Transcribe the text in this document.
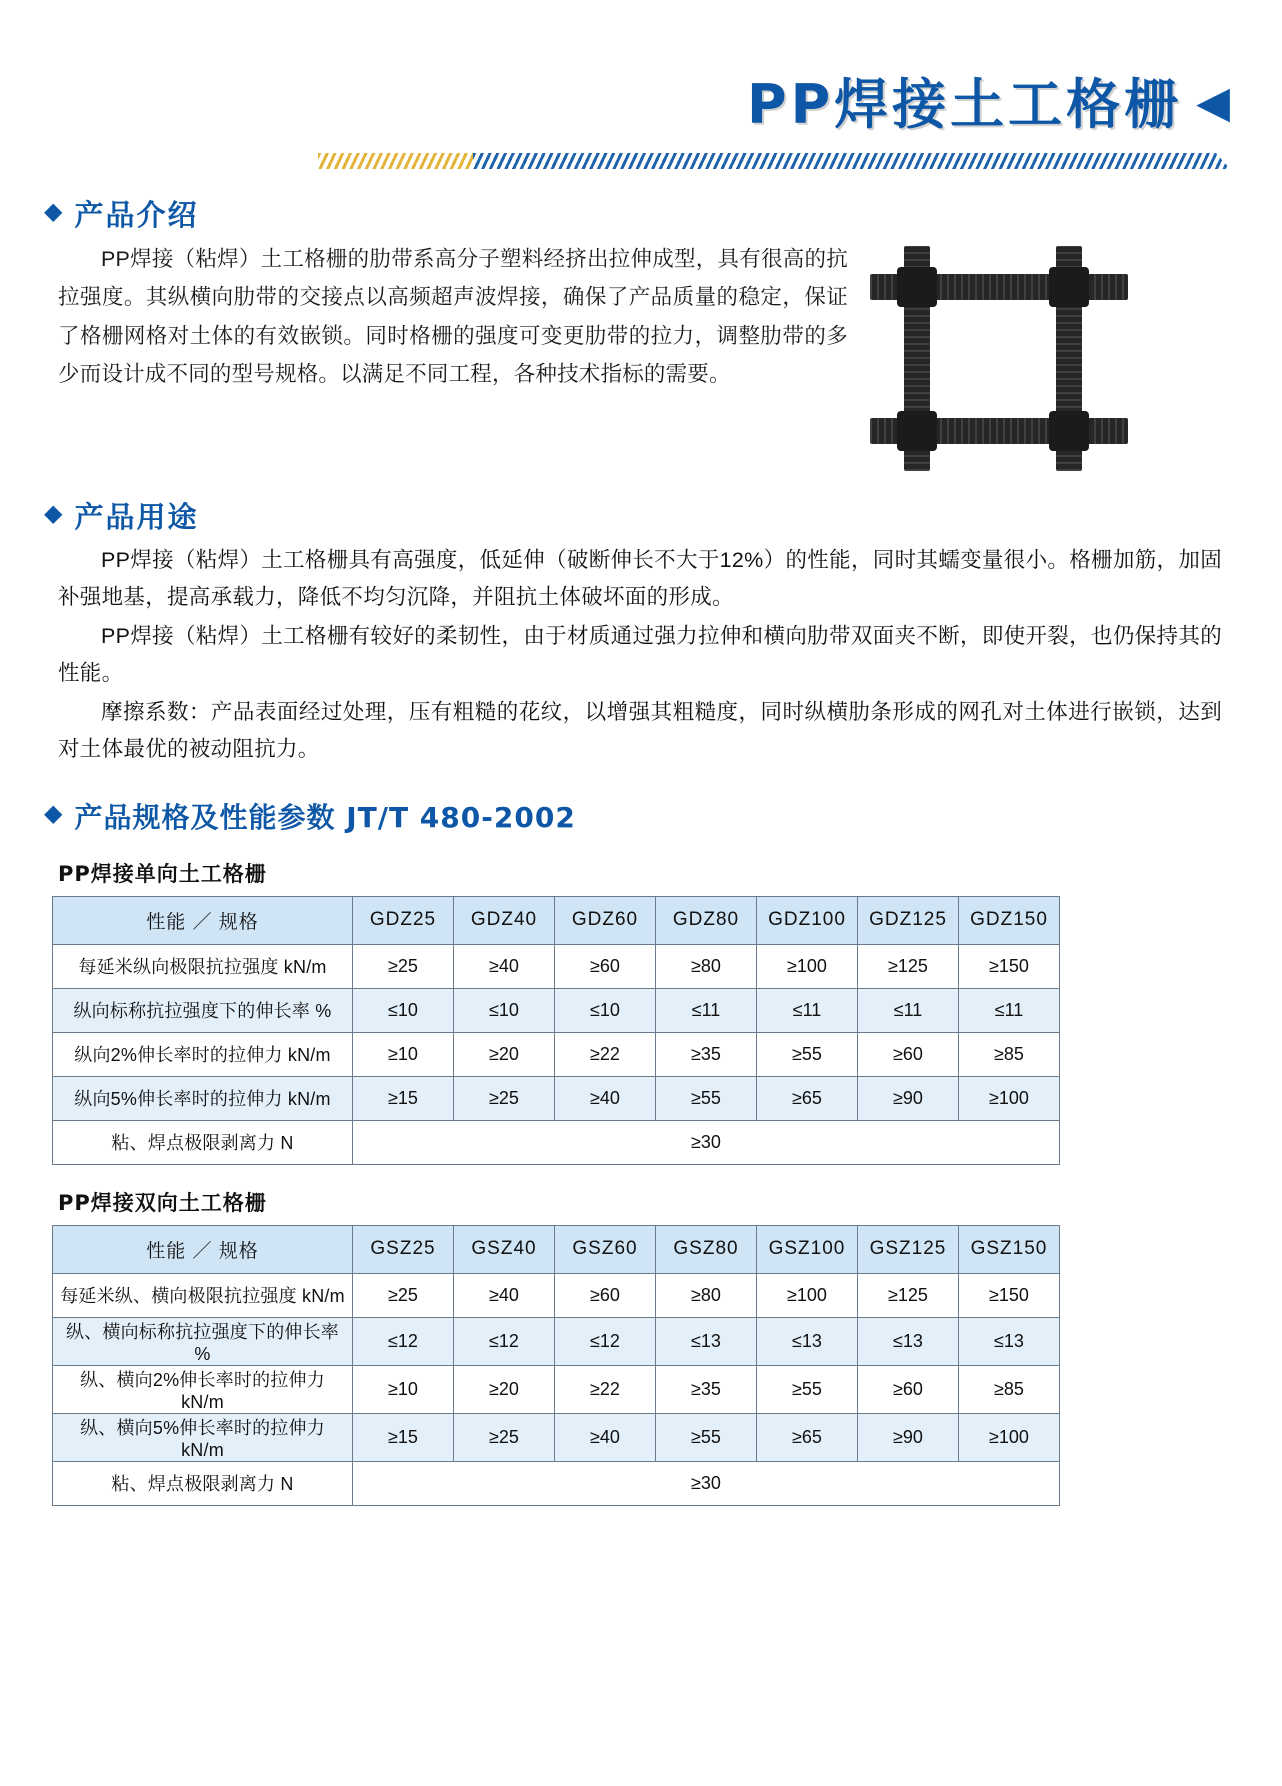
PP焊接土工格栅 ◀
◆ 产品介绍

PP焊接（粘焊）土工格栅的肋带系高分子塑料经挤出拉伸成型，具有很高的抗拉强度。其纵横向肋带的交接点以高频超声波焊接，确保了产品质量的稳定，保证了格栅网格对土体的有效嵌锁。同时格栅的强度可变更肋带的拉力，调整肋带的多少而设计成不同的型号规格。以满足不同工程，各种技术指标的需要。

◆ 产品用途

PP焊接（粘焊）土工格栅具有高强度，低延伸（破断伸长不大于12%）的性能，同时其蠕变量很小。格栅加筋，加固补强地基，提高承载力，降低不均匀沉降，并阻抗土体破坏面的形成。

PP焊接（粘焊）土工格栅有较好的柔韧性，由于材质通过强力拉伸和横向肋带双面夹不断，即使开裂，也仍保持其的性能。

摩擦系数：产品表面经过处理，压有粗糙的花纹，以增强其粗糙度，同时纵横肋条形成的网孔对土体进行嵌锁，达到对土体最优的被动阻抗力。

◆ 产品规格及性能参数 JT/T 480-2002
PP焊接单向土工格栅
性能 ／ 规格	GDZ25	GDZ40	GDZ60	GDZ80	GDZ100	GDZ125	GDZ150
每延米纵向极限抗拉强度 kN/m	≥25	≥40	≥60	≥80	≥100	≥125	≥150
纵向标称抗拉强度下的伸长率 %	≤10	≤10	≤10	≤11	≤11	≤11	≤11
纵向2%伸长率时的拉伸力 kN/m	≥10	≥20	≥22	≥35	≥55	≥60	≥85
纵向5%伸长率时的拉伸力 kN/m	≥15	≥25	≥40	≥55	≥65	≥90	≥100
粘、焊点极限剥离力 N	≥30						
PP焊接双向土工格栅
性能 ／ 规格	GSZ25	GSZ40	GSZ60	GSZ80	GSZ100	GSZ125	GSZ150
每延米纵、横向极限抗拉强度 kN/m	≥25	≥40	≥60	≥80	≥100	≥125	≥150
纵、横向标称抗拉强度下的伸长率 %	≤12	≤12	≤12	≤13	≤13	≤13	≤13
纵、横向2%伸长率时的拉伸力 kN/m	≥10	≥20	≥22	≥35	≥55	≥60	≥85
纵、横向5%伸长率时的拉伸力 kN/m	≥15	≥25	≥40	≥55	≥65	≥90	≥100
粘、焊点极限剥离力 N	≥30						
